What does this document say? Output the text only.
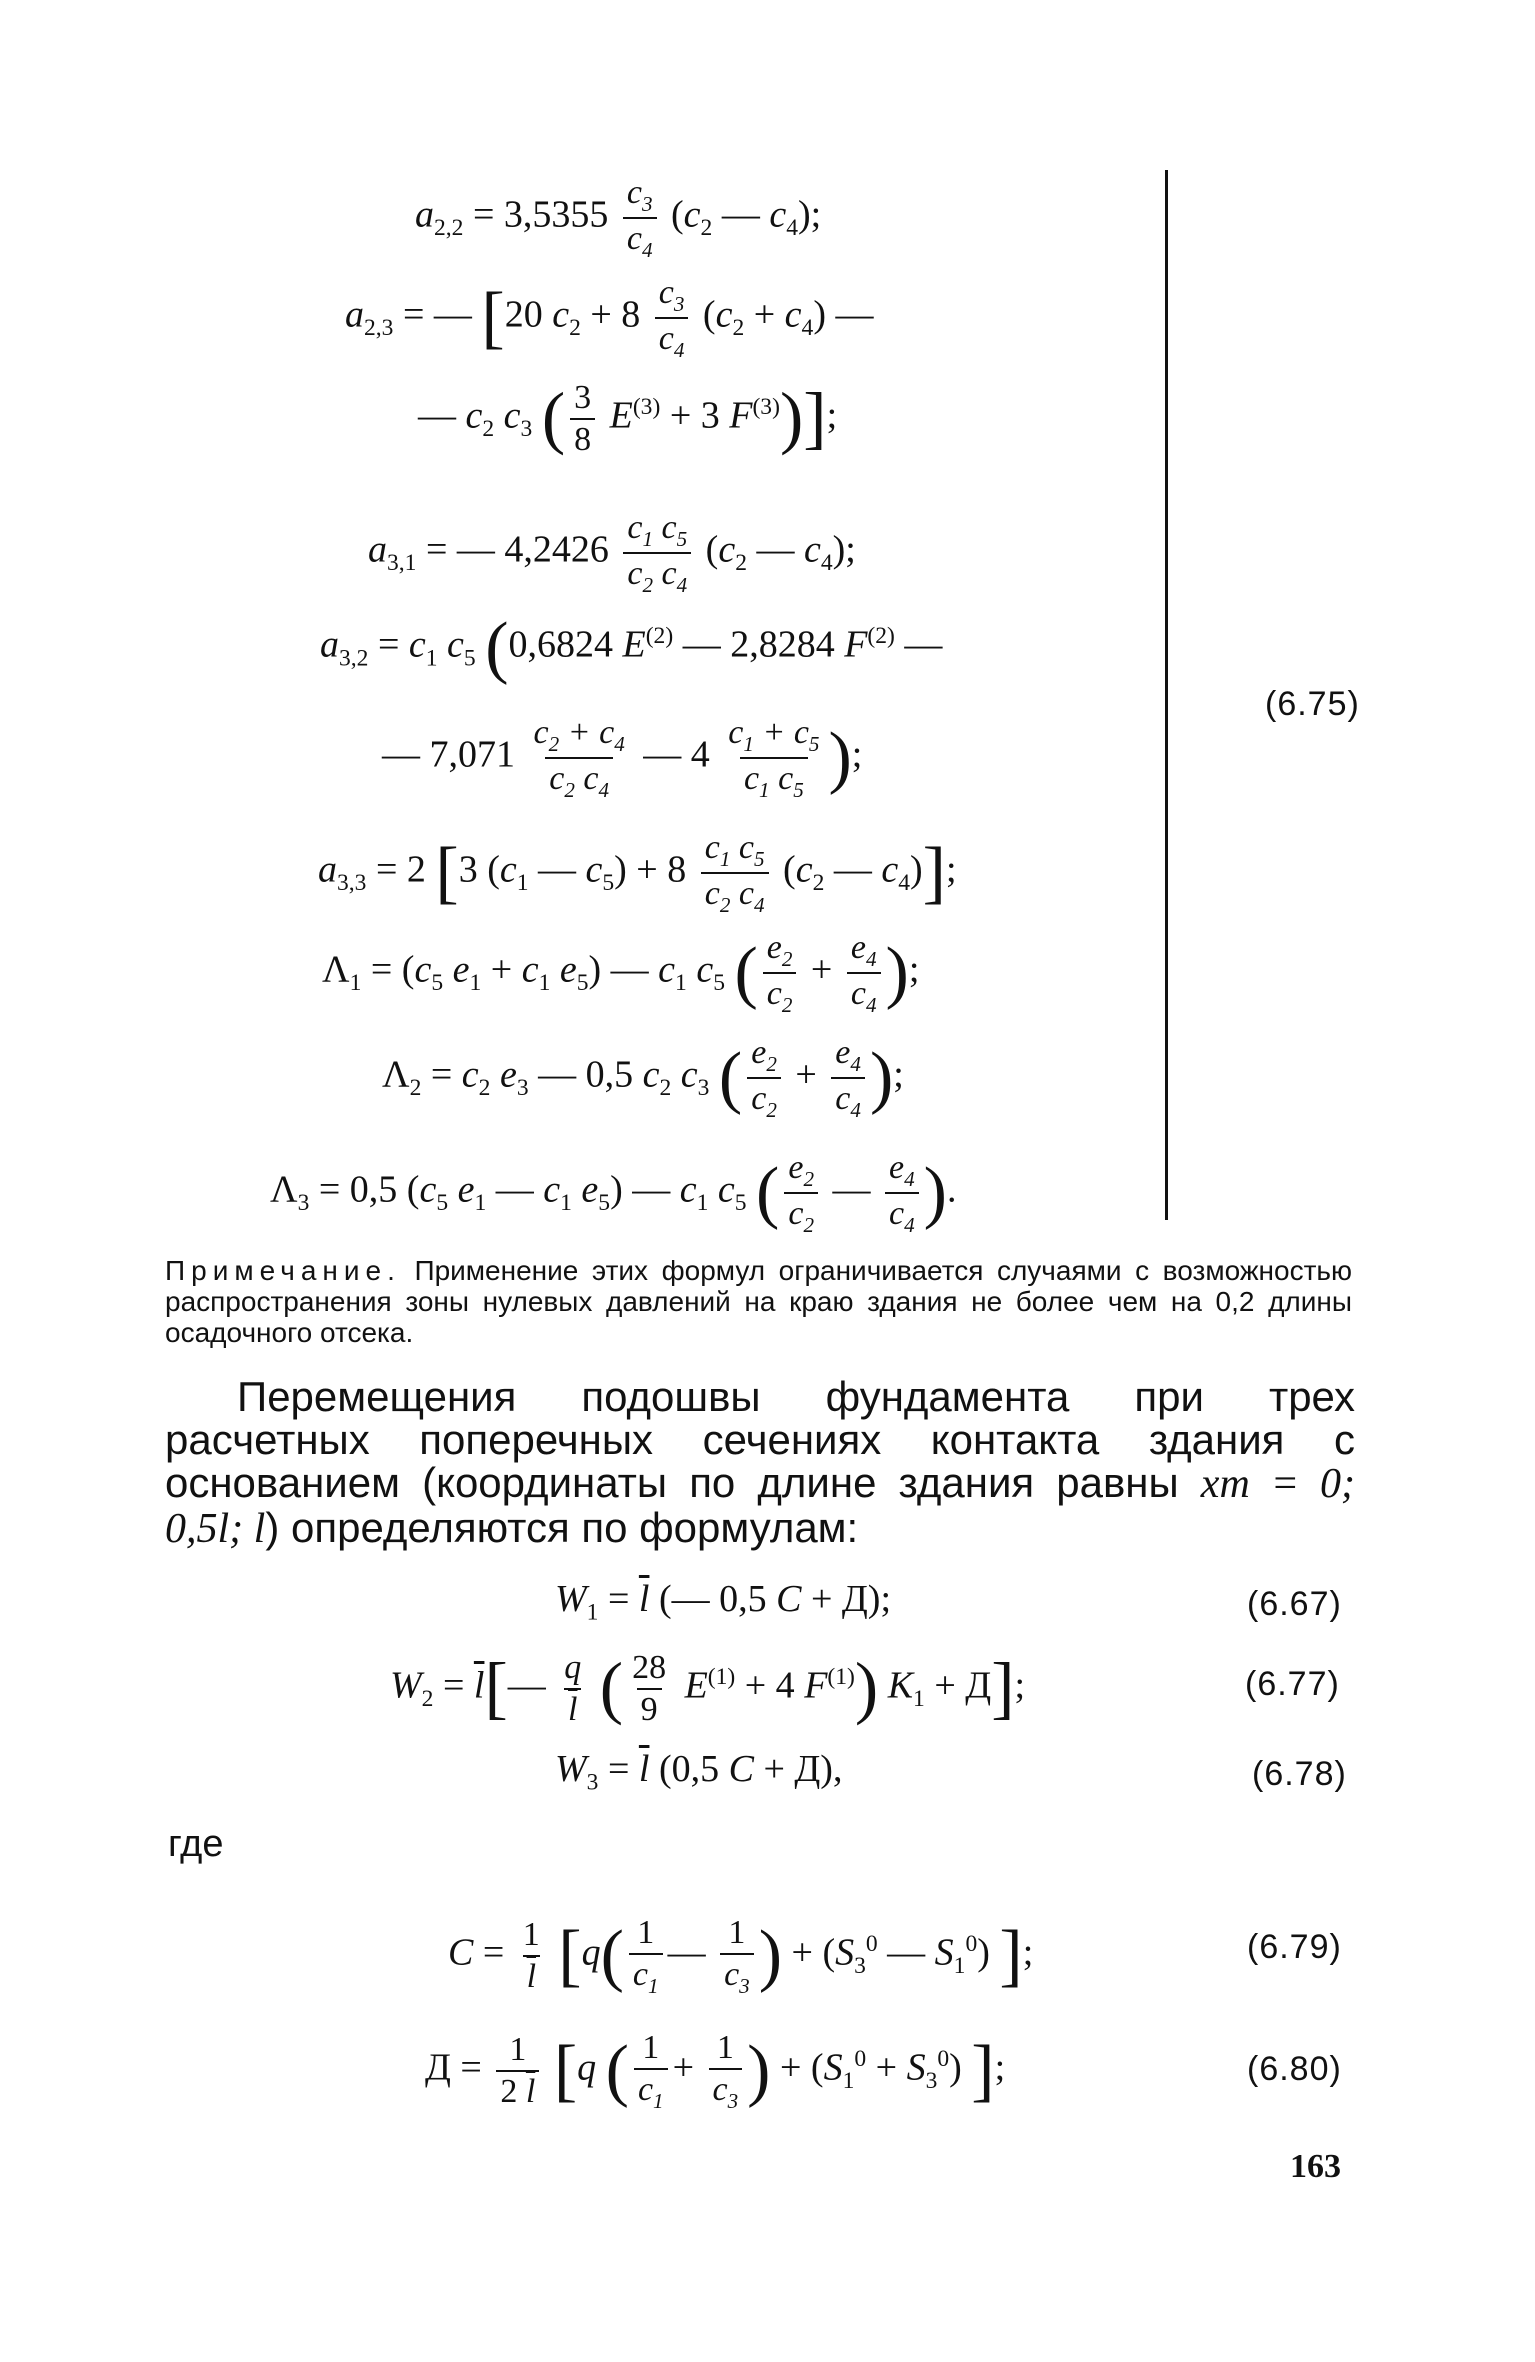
$a_{2,2} = 3,5355 \frac{c_3}{c_4} (c_2$ — $c_4$);
$a_{2,3}$ = — [20 $c_2 + 8 \frac{c_3}{c_4} (c_2 + c_4)$ —
— $c_2$ $c_3$ ( $\frac{3}{8} E^{(3)} + 3$ $F^{(3)}$)];
$a_{3,1}$ = — $4,2426 \frac{c_1 c_5}{c_2 c_4} (c_2$ — $c_4$);
$a_{3,2} = c_1$ $c_5$ (0,6824 $E^{(2)}$ — 2,8284 $F^{(2)}$ —
— $7,071 \frac{c_2 + c_4}{c_2 c_4}$ — $4 \frac{c_1 + c_5}{c_1 c_5}$ );
$a_{3,3} = 2$ [3 ($c_1$ — $c_5) + 8 \frac{c_1 c_5}{c_2 c_4} (c_2$ — $c_4$)];
$\Lambda_1 = (c_5$ $e_1 + c_1$ $e_5$) — $c_1$ $c_5$ ( $\frac{e_2}{c_2} + \frac{e_4}{c_4}$ );
$\Lambda_2 = c_2$ $e_3$ — 0,5 $c_2$ $c_3$ ( $\frac{e_2}{c_2} + \frac{e_4}{c_4}$ );
$\Lambda_3 = 0,5$ ($c_5$ $e_1$ — $c_1$ $e_5$) — $c_1$ $c_5$ ( $\frac{e_2}{c_2}$ — $\frac{e_4}{c_4}$ ).
(6.75)
Примечание. Применение этих формул ограничивается случаями с возможностью распространения зоны нулевых давлений на краю здания не более чем на 0,2 длины осадочного отсека.
Перемещения подошвы фундамента при трех расчетных поперечных сечениях контакта здания с основанием (координаты по длине здания равны xm = 0; 0,5l; l) определяются по формулам:
$W_1 = \overline{l}$ (— 0,5 C + Д);	(6.67)
$W_2$ = $\overline{l}[— \frac{q}{l}$ ( $\frac{28}{9} E^{(1)} + 4$ $F^{(1)}$) $K_1 + Д$];	(6.77)
$W_3 = \overline{l}$ (0,5 C + Д),	(6.78)
где
$C = \frac{1}{l} [q( \frac{1}{c_1}$ — $\frac{1}{c_3}$ ) + ($S_3^0$ — $S_1^0$) ];	(6.79)
$Д = \frac{1}{2 \overline{l}} [q$ ( $\frac{1}{c_1} + \frac{1}{c_3}$ ) + $(S_1^0 + S_3^0)$ ];	(6.80)
163
a2,2 = 3,5355 (c3/c4) (c2 − c4); a2,3 = − [20 c2 + 8 (c3/c4) (c2 + c4) − − c2 c3 (3/8 E(3) + 3 F(3))]; a3,1 = − 4,2426 (c1 c5 / c2 c4) (c2 − c4); a3,2 = c1 c5 (0,6824 E(2) − 2,8284 F(2) − − 7,071 (c2 + c4)/(c2 c4) − 4 (c1 + c5)/(c1 c5)); a3,3 = 2 [3 (c1 − c5) + 8 (c1 c5 / c2 c4) (c2 − c4)]; Λ1 = (c5 e1 + c1 e5) − c1 c5 (e2/c2 + e4/c4); Λ2 = c2 e3 − 0,5 c2 c3 (e2/c2 + e4/c4); Λ3 = 0,5 (c5 e1 − c1 e5) − c1 c5 (e2/c2 − e4/c4). W1 = l̄ (− 0,5 C + Д); W2 = l̄ [− q/l̄ (28/9 E(1) + 4 F(1)) K1 + Д]; W3 = l̄ (0,5 C + Д), C = 1/l̄ [q (1/c1 − 1/c3) + (S3⁰ − S1⁰)]; Д = 1/(2 l̄) [q (1/c1 + 1/c3) + (S1⁰ + S3⁰)];
